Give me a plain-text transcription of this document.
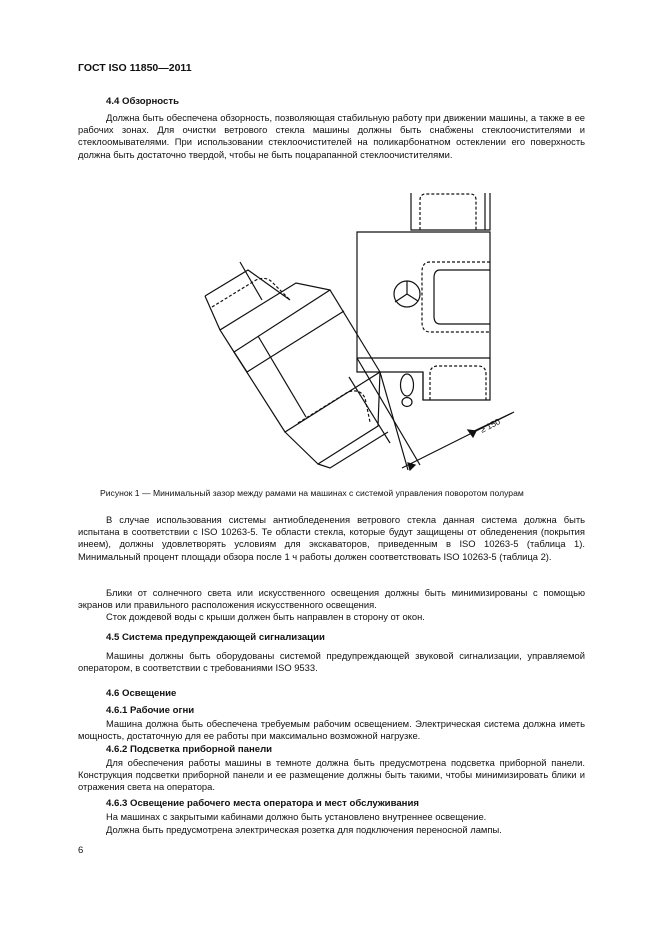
ГОСТ ISO 11850—2011
4.4 Обзорность
Должна быть обеспечена обзорность, позволяющая стабильную работу при движении машины, а также в ее рабочих зонах. Для очистки ветрового стекла машины должны быть снабжены стеклоочистителями и стеклоомывателями. При использовании стеклоочистителей на поликарбонатном остеклении его поверхность должна быть достаточно твердой, чтобы не быть поцарапанной стеклоочистителями.
≥ 150
Рисунок 1 — Минимальный зазор между рамами на машинах с системой управления поворотом полурам
В случае использования системы антиобледенения ветрового стекла данная система должна быть испытана в соответствии с ISO 10263-5. Те области стекла, которые будут защищены от обледенения (покрытия инеем), должны удовлетворять условиям для экскаваторов, приведенным в ISO 10263-5 (таблица 1). Минимальный процент площади обзора после 1 ч работы должен соответствовать ISO 10263-5 (таблица 2).
Блики от солнечного света или искусственного освещения должны быть минимизированы с помощью экранов или правильного расположения искусственного освещения.
Сток дождевой воды с крыши должен быть направлен в сторону от окон.
4.5 Система предупреждающей сигнализации
Машины должны быть оборудованы системой предупреждающей звуковой сигнализации, управляемой оператором, в соответствии с требованиями ISO 9533.
4.6 Освещение
4.6.1 Рабочие огни
Машина должна быть обеспечена требуемым рабочим освещением. Электрическая система должна иметь мощность, достаточную для ее работы при максимально возможной нагрузке.
4.6.2 Подсветка приборной панели
Для обеспечения работы машины в темноте должна быть предусмотрена подсветка приборной панели. Конструкция подсветки приборной панели и ее размещение должны быть такими, чтобы минимизировать блики и отражения света на оператора.
4.6.3 Освещение рабочего места оператора и мест обслуживания
На машинах с закрытыми кабинами должно быть установлено внутреннее освещение.
Должна быть предусмотрена электрическая розетка для подключения переносной лампы.
6
